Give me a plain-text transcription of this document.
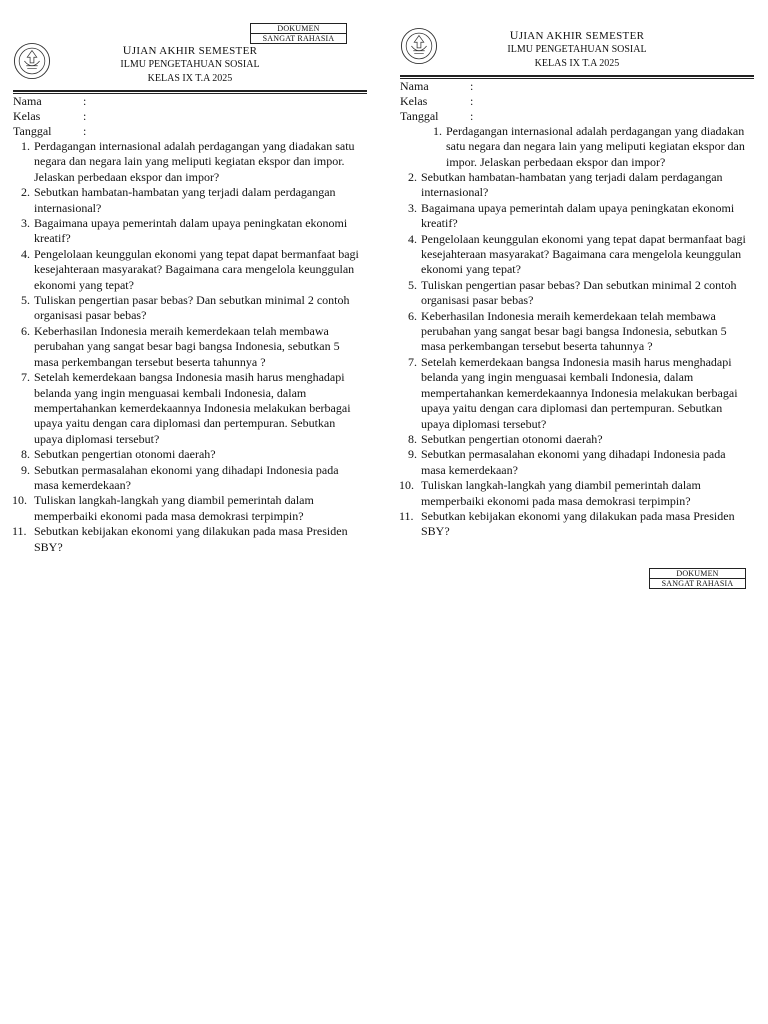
DOKUMEN
SANGAT RAHASIA
UJIAN AKHIR SEMESTER
ILMU PENGETAHUAN SOSIAL
KELAS IX T.A 2025
Nama	:
Kelas	:
Tanggal	:
1. Perdagangan internasional adalah perdagangan yang diadakan satu negara dan negara lain yang meliputi kegiatan ekspor dan impor. Jelaskan perbedaan ekspor dan impor?
2. Sebutkan hambatan-hambatan yang terjadi dalam perdagangan internasional?
3. Bagaimana upaya pemerintah dalam upaya peningkatan ekonomi kreatif?
4. Pengelolaan keunggulan ekonomi yang tepat dapat bermanfaat bagi kesejahteraan masyarakat? Bagaimana cara mengelola keunggulan ekonomi yang tepat?
5. Tuliskan pengertian pasar bebas? Dan sebutkan minimal 2 contoh organisasi pasar bebas?
6. Keberhasilan Indonesia meraih kemerdekaan telah membawa perubahan yang sangat besar bagi bangsa Indonesia, sebutkan 5 masa perkembangan tersebut beserta tahunnya ?
7. Setelah kemerdekaan bangsa Indonesia masih harus menghadapi belanda yang ingin menguasai kembali Indonesia, dalam mempertahankan kemerdekaannya Indonesia melakukan berbagai upaya yaitu dengan cara diplomasi dan pertempuran. Sebutkan upaya diplomasi tersebut?
8. Sebutkan pengertian otonomi daerah?
9. Sebutkan permasalahan ekonomi yang dihadapi Indonesia pada masa kemerdekaan?
10. Tuliskan langkah-langkah yang diambil pemerintah dalam memperbaiki ekonomi pada masa demokrasi terpimpin?
11. Sebutkan kebijakan ekonomi yang dilakukan pada masa Presiden SBY?
UJIAN AKHIR SEMESTER
ILMU PENGETAHUAN SOSIAL
KELAS IX T.A 2025
Nama	:
Kelas	:
Tanggal	:
1. Perdagangan internasional adalah perdagangan yang diadakan satu negara dan negara lain yang meliputi kegiatan ekspor dan impor. Jelaskan perbedaan ekspor dan impor?
2. Sebutkan hambatan-hambatan yang terjadi dalam perdagangan internasional?
3. Bagaimana upaya pemerintah dalam upaya peningkatan ekonomi kreatif?
4. Pengelolaan keunggulan ekonomi yang tepat dapat bermanfaat bagi kesejahteraan masyarakat? Bagaimana cara mengelola keunggulan ekonomi yang tepat?
5. Tuliskan pengertian pasar bebas? Dan sebutkan minimal 2 contoh organisasi pasar bebas?
6. Keberhasilan Indonesia meraih kemerdekaan telah membawa perubahan yang sangat besar bagi bangsa Indonesia, sebutkan 5 masa perkembangan tersebut beserta tahunnya ?
7. Setelah kemerdekaan bangsa Indonesia masih harus menghadapi belanda yang ingin menguasai kembali Indonesia, dalam mempertahankan kemerdekaannya Indonesia melakukan berbagai upaya yaitu dengan cara diplomasi dan pertempuran. Sebutkan upaya diplomasi tersebut?
8. Sebutkan pengertian otonomi daerah?
9. Sebutkan permasalahan ekonomi yang dihadapi Indonesia pada masa kemerdekaan?
10. Tuliskan langkah-langkah yang diambil pemerintah dalam memperbaiki ekonomi pada masa demokrasi terpimpin?
11. Sebutkan kebijakan ekonomi yang dilakukan pada masa Presiden SBY?
DOKUMEN
SANGAT RAHASIA
